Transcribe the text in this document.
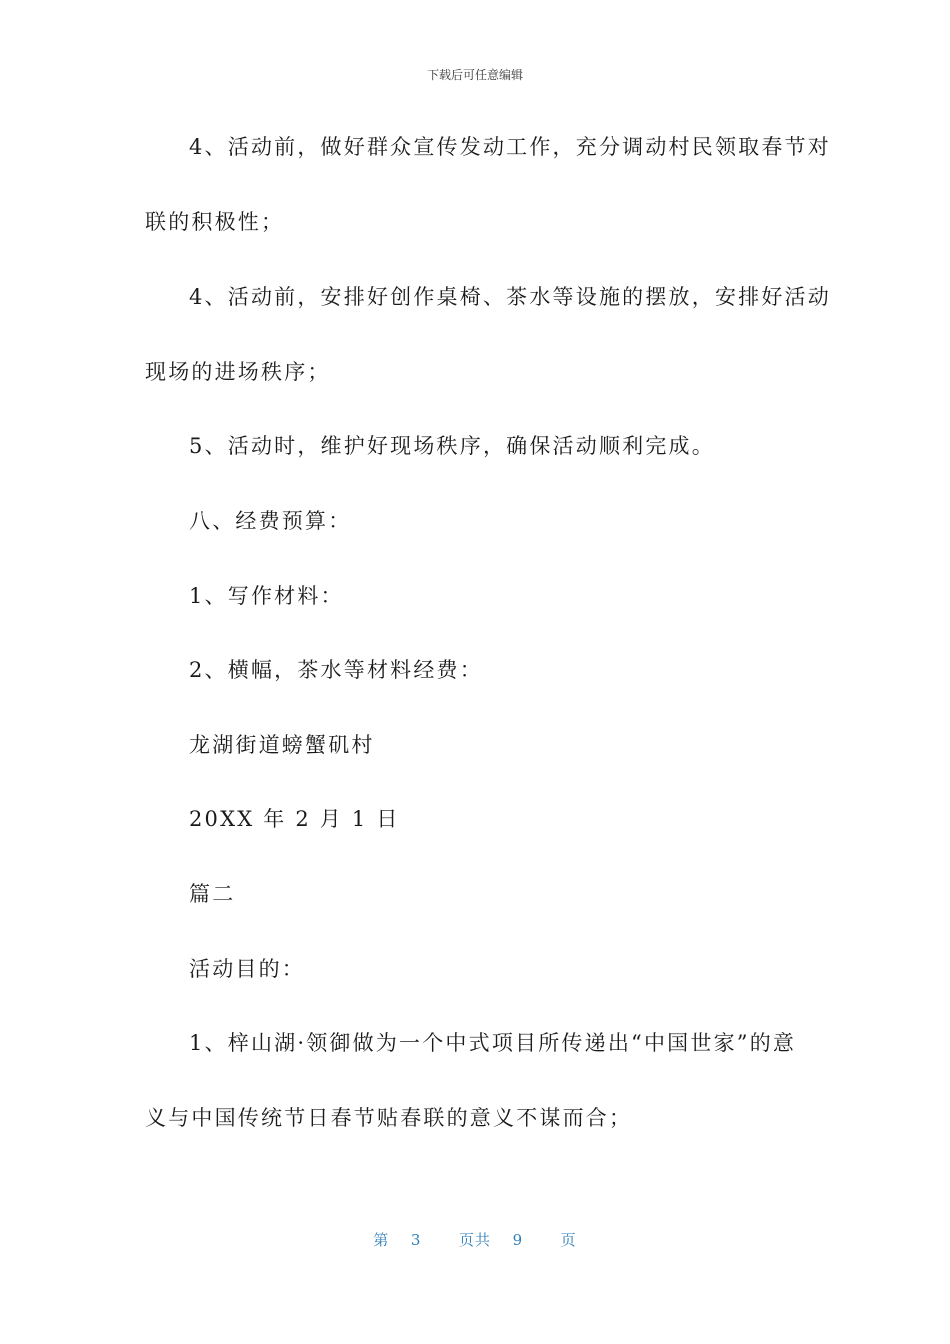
下载后可任意编辑
4、活动前，做好群众宣传发动工作，充分调动村民领取春节对
联的积极性；
4、活动前，安排好创作桌椅、茶水等设施的摆放，安排好活动
现场的进场秩序；
5、活动时，维护好现场秩序，确保活动顺利完成。
八、经费预算：
1、写作材料：
2、横幅，茶水等材料经费：
龙湖街道螃蟹矶村
20XX 年 2 月 1 日
篇二
活动目的：
1、梓山湖·领御做为一个中式项目所传递出“中国世家”的意
义与中国传统节日春节贴春联的意义不谋而合；
第 3	页共 9	页
